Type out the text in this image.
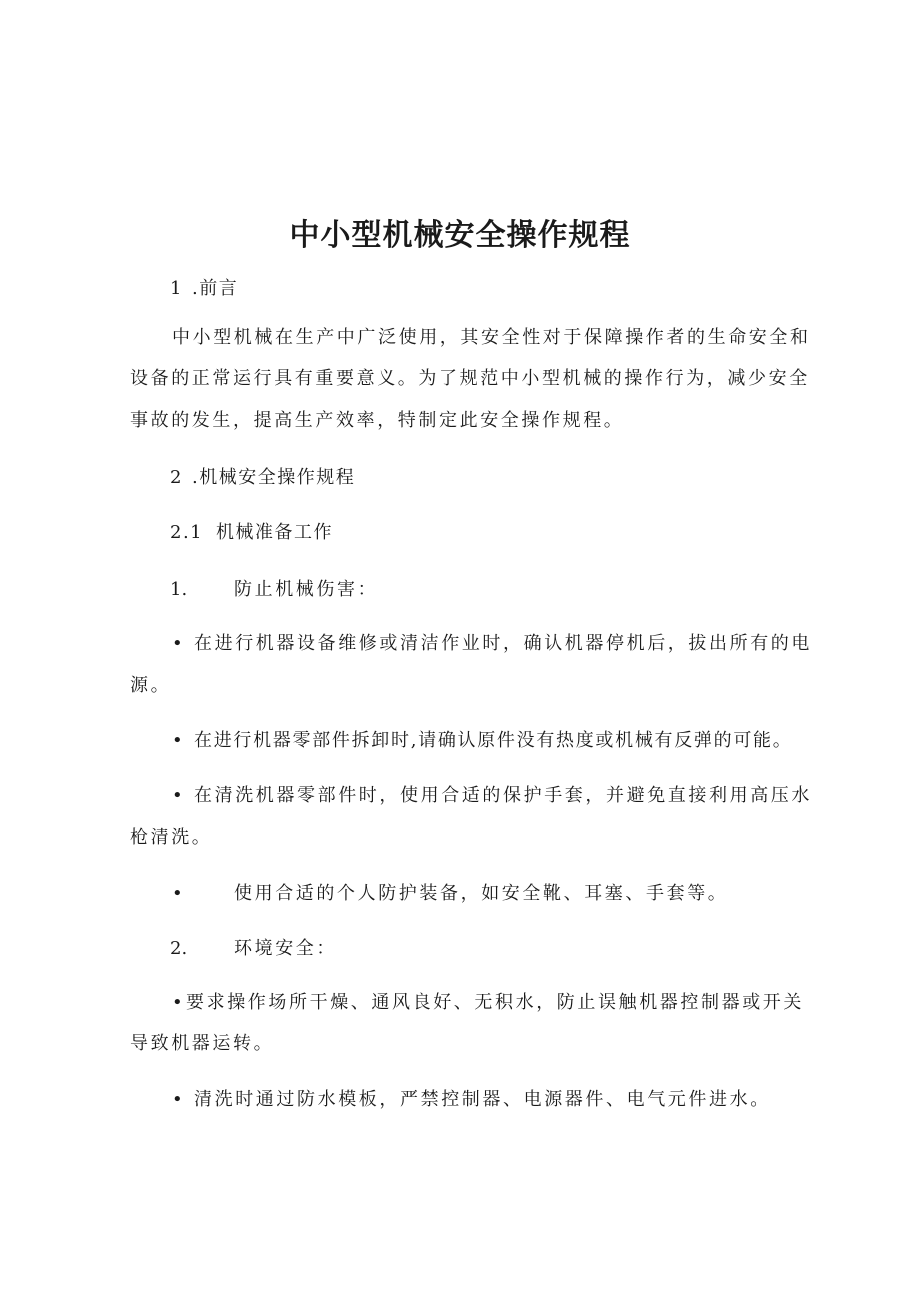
中小型机械安全操作规程
1 .前言
中小型机械在生产中广泛使用，其安全性对于保障操作者的生命安全和
设备的正常运行具有重要意义。为了规范中小型机械的操作行为，减少安全
事故的发生，提高生产效率，特制定此安全操作规程。
2 .机械安全操作规程
2.1 机械准备工作
1.	防止机械伤害：
• 在进行机器设备维修或清洁作业时，确认机器停机后，拔出所有的电
源。
• 在进行机器零部件拆卸时,请确认原件没有热度或机械有反弹的可能。
• 在清洗机器零部件时，使用合适的保护手套，并避免直接利用高压水
枪清洗。
•	使用合适的个人防护装备，如安全靴、耳塞、手套等。
2.	环境安全：
• 要求操作场所干燥、通风良好、无积水，防止误触机器控制器或开关
导致机器运转。
• 清洗时通过防水模板，严禁控制器、电源器件、电气元件进水。
